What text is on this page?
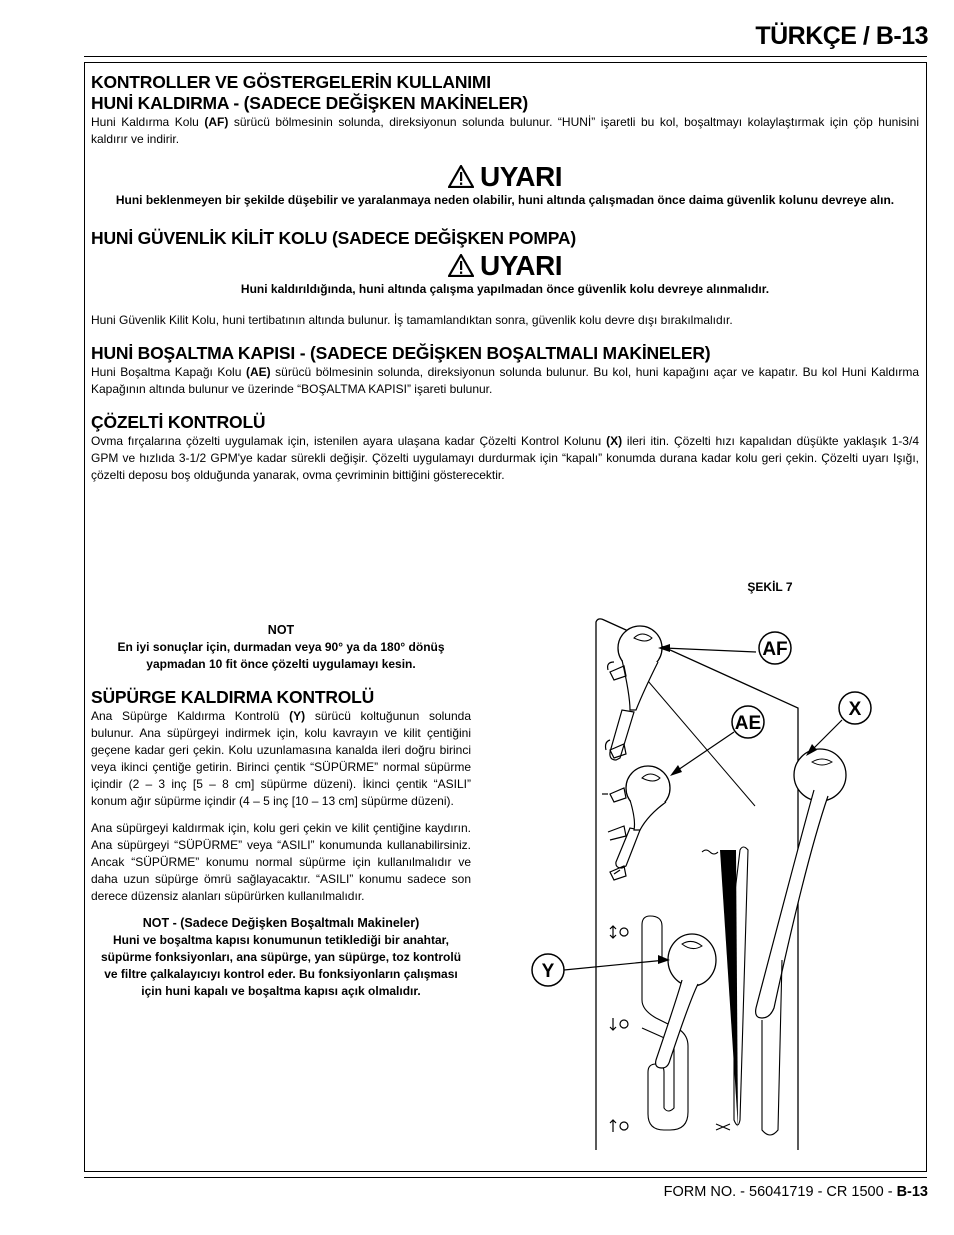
TÜRKÇE / B-13
KONTROLLER VE GÖSTERGELERİN KULLANIMI
HUNİ KALDIRMA - (SADECE DEĞİŞKEN MAKİNELER)

Huni Kaldırma Kolu (AF) sürücü bölmesinin solunda, direksiyonun solunda bulunur. “HUNİ” işaretli bu kol, boşaltmayı kolaylaştırmak için çöp hunisini kaldırır ve indirir.

UYARI
Huni beklenmeyen bir şekilde düşebilir ve yaralanmaya neden olabilir, huni altında çalışmadan önce daima güvenlik kolunu devreye alın.
HUNİ GÜVENLİK KİLİT KOLU (SADECE DEĞİŞKEN POMPA)
UYARI
Huni kaldırıldığında, huni altında çalışma yapılmadan önce güvenlik kolu devreye alınmalıdır.

Huni Güvenlik Kilit Kolu, huni tertibatının altında bulunur. İş tamamlandıktan sonra, güvenlik kolu devre dışı bırakılmalıdır.

HUNİ BOŞALTMA KAPISI - (SADECE DEĞİŞKEN BOŞALTMALI MAKİNELER)

Huni Boşaltma Kapağı Kolu (AE) sürücü bölmesinin solunda, direksiyonun solunda bulunur. Bu kol, huni kapağını açar ve kapatır. Bu kol Huni Kaldırma Kapağının altında bulunur ve üzerinde “BOŞALTMA KAPISI” işareti bulunur.

ÇÖZELTİ KONTROLÜ

Ovma fırçalarına çözelti uygulamak için, istenilen ayara ulaşana kadar Çözelti Kontrol Kolunu (X) ileri itin. Çözelti hızı kapalıdan düşükte yaklaşık 1-3/4 GPM ve hızlıda 3-1/2 GPM'ye kadar sürekli değişir. Çözelti uygulamayı durdurmak için “kapalı” konumda durana kadar kolu geri çekin. Çözelti uyarı Işığı, çözelti deposu boş olduğunda yanarak, ovma çevriminin bittiğini gösterecektir.

NOT
En iyi sonuçlar için, durmadan veya 90° ya da 180° dönüş yapmadan 10 fit önce çözelti uygulamayı kesin.
SÜPÜRGE KALDIRMA KONTROLÜ

Ana Süpürge Kaldırma Kontrolü (Y) sürücü koltuğunun solunda bulunur. Ana süpürgeyi indirmek için, kolu kavrayın ve kilit çentiğini geçene kadar geri çekin. Kolu uzunlamasına kanalda ileri doğru birinci veya ikinci çentiğe getirin. Birinci çentik “SÜPÜRME” normal süpürme içindir (2 – 3 inç [5 – 8 cm] süpürme düzeni). İkinci çentik “ASILI” konum ağır süpürme içindir (4 – 5 inç [10 – 13 cm] süpürme düzeni).

Ana süpürgeyi kaldırmak için, kolu geri çekin ve kilit çentiğine kaydırın. Ana süpürgeyi “SÜPÜRME” veya “ASILI” konumunda kullanabilirsiniz. Ancak “SÜPÜRME” konumu normal süpürme için kullanılmalıdır ve daha uzun süpürge ömrü sağlayacaktır. “ASILI” konumu sadece son derece düzensiz alanları süpürürken kullanılmalıdır.

NOT - (Sadece Değişken Boşaltmalı Makineler)
Huni ve boşaltma kapısı konumunun tetiklediği bir anahtar, süpürme fonksiyonları, ana süpürge, yan süpürge, toz kontrolü ve filtre çalkalayıcıyı kontrol eder. Bu fonksiyonların çalışması için huni kapalı ve boşaltma kapısı açık olmalıdır.
ŞEKİL 7
AF
AE
X
Y
FORM NO. - 56041719 - CR 1500 - B-13
